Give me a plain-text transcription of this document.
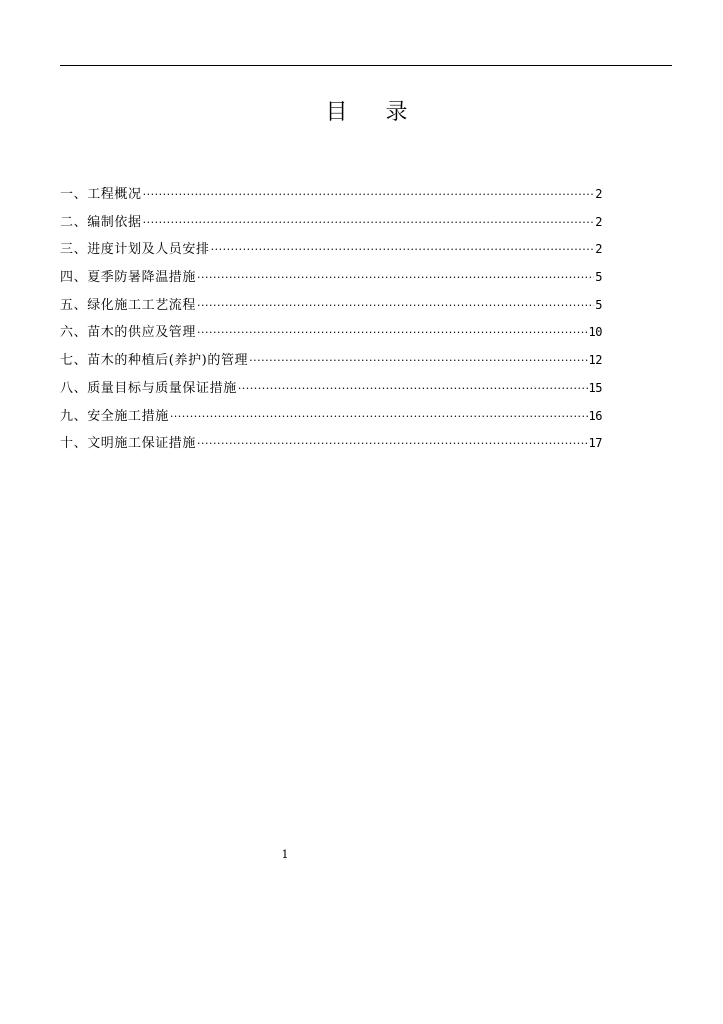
目 录
一、工程概况 ·····	2
二、编制依据 ·····	2
三、进度计划及人员安排 ·····	2
四、夏季防暑降温措施 ·····	5
五、绿化施工工艺流程 ·····	5
六、苗木的供应及管理 ·····	10
七、苗木的种植后(养护)的管理 ·····	12
八、质量目标与质量保证措施 ·····	15
九、安全施工措施 ·····	16
十、文明施工保证措施 ·····	17
1
